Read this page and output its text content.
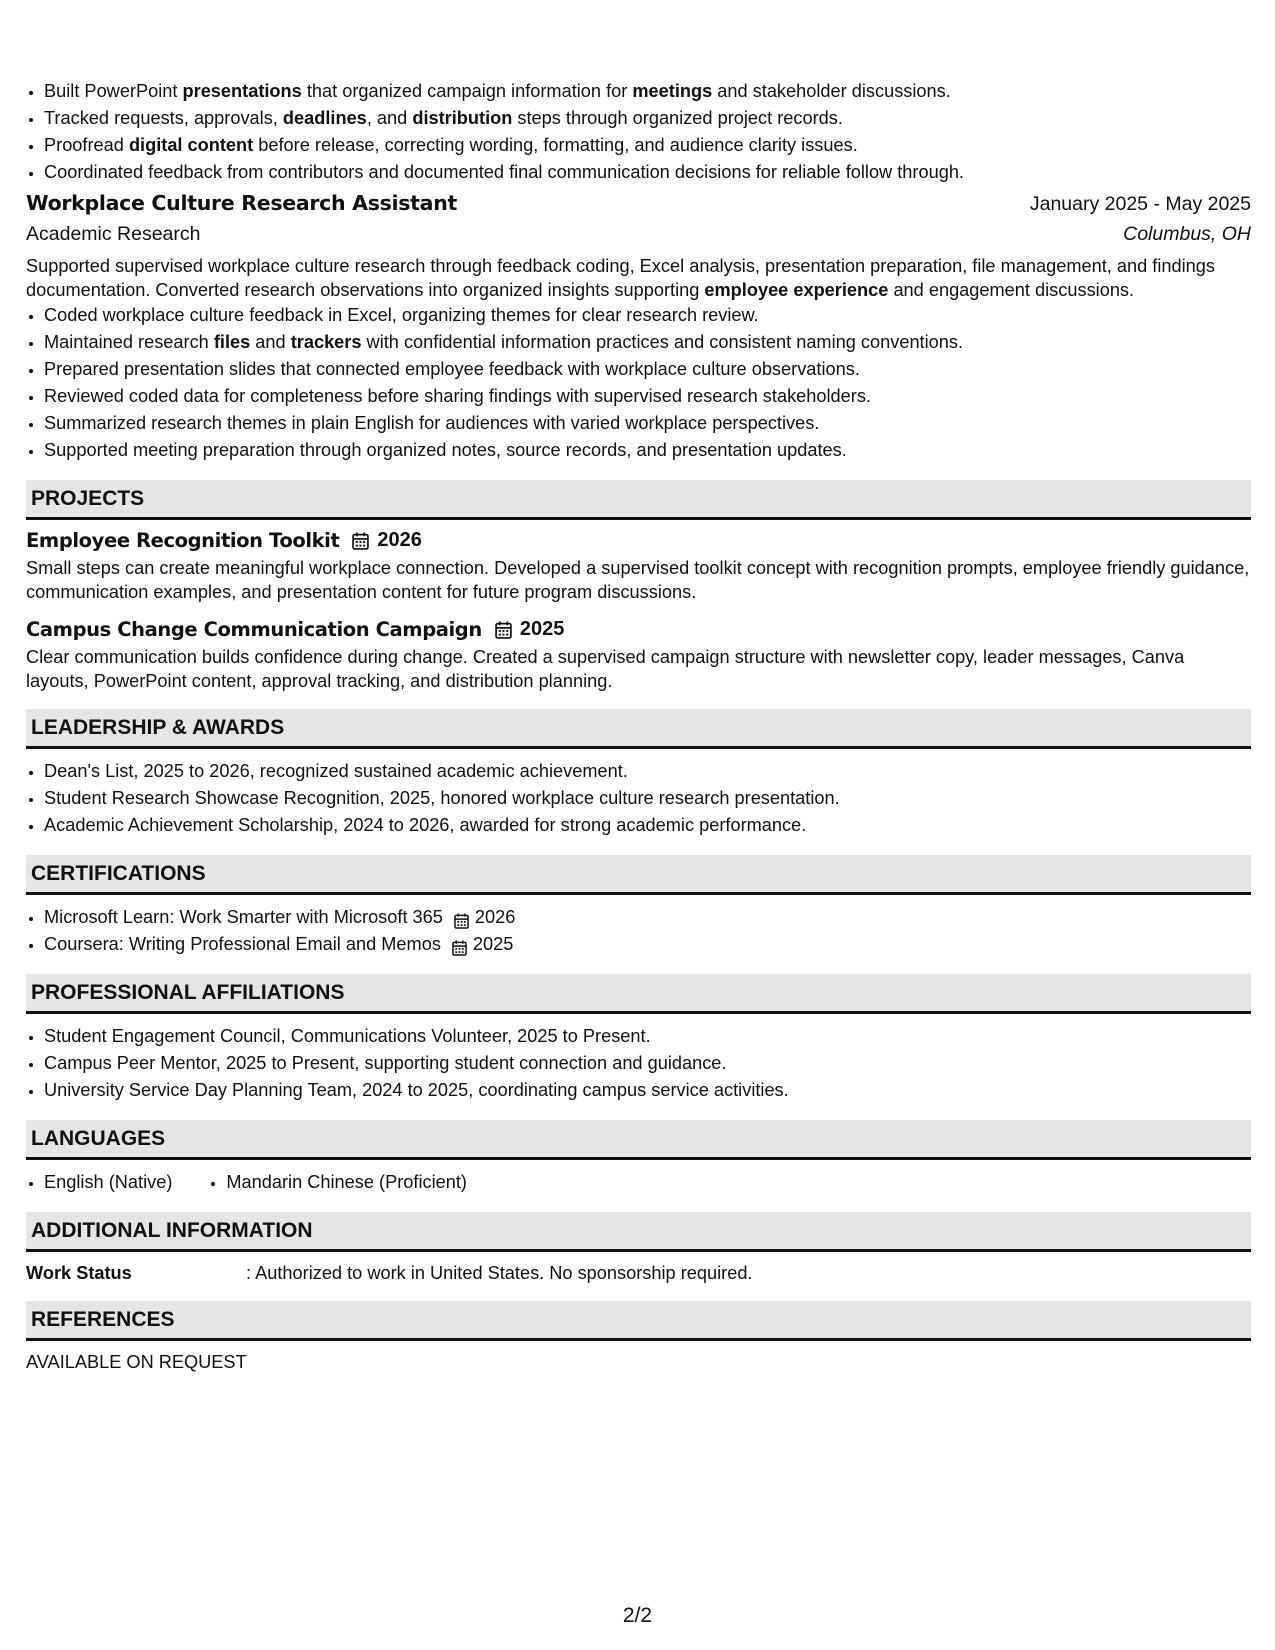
• Built PowerPoint presentations that organized campaign information for meetings and stakeholder discussions.
• Tracked requests, approvals, deadlines, and distribution steps through organized project records.
• Proofread digital content before release, correcting wording, formatting, and audience clarity issues.
• Coordinated feedback from contributors and documented final communication decisions for reliable follow through.
Workplace Culture Research Assistant	January 2025 - May 2025
Academic Research	Columbus, OH
Supported supervised workplace culture research through feedback coding, Excel analysis, presentation preparation, file management, and findings documentation. Converted research observations into organized insights supporting employee experience and engagement discussions.
• Coded workplace culture feedback in Excel, organizing themes for clear research review.
• Maintained research files and trackers with confidential information practices and consistent naming conventions.
• Prepared presentation slides that connected employee feedback with workplace culture observations.
• Reviewed coded data for completeness before sharing findings with supervised research stakeholders.
• Summarized research themes in plain English for audiences with varied workplace perspectives.
• Supported meeting preparation through organized notes, source records, and presentation updates.
PROJECTS
Employee Recognition Toolkit 2026
Small steps can create meaningful workplace connection. Developed a supervised toolkit concept with recognition prompts, employee friendly guidance, communication examples, and presentation content for future program discussions.
Campus Change Communication Campaign 2025
Clear communication builds confidence during change. Created a supervised campaign structure with newsletter copy, leader messages, Canva layouts, PowerPoint content, approval tracking, and distribution planning.
LEADERSHIP & AWARDS
• Dean's List, 2025 to 2026, recognized sustained academic achievement.
• Student Research Showcase Recognition, 2025, honored workplace culture research presentation.
• Academic Achievement Scholarship, 2024 to 2026, awarded for strong academic performance.
CERTIFICATIONS
• Microsoft Learn: Work Smarter with Microsoft 365 2026
• Coursera: Writing Professional Email and Memos 2025
PROFESSIONAL AFFILIATIONS
• Student Engagement Council, Communications Volunteer, 2025 to Present.
• Campus Peer Mentor, 2025 to Present, supporting student connection and guidance.
• University Service Day Planning Team, 2024 to 2025, coordinating campus service activities.
LANGUAGES
• English (Native)
•	Mandarin Chinese (Proficient)
ADDITIONAL INFORMATION
Work Status	: Authorized to work in United States. No sponsorship required.
REFERENCES
AVAILABLE ON REQUEST
2/2
